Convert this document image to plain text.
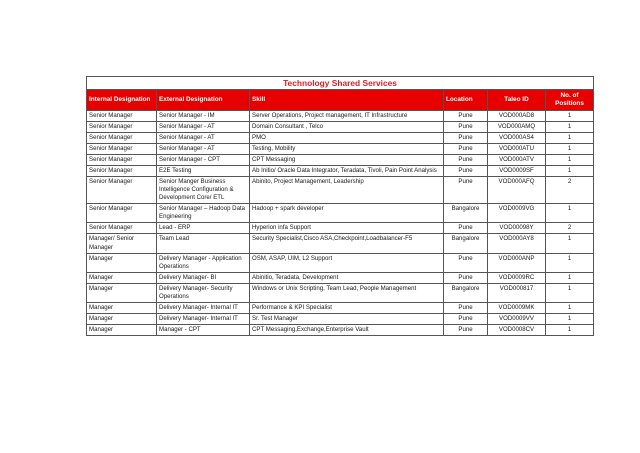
Technology Shared Services					
Internal Designation	External Designation	Skill	Location	Taleo ID	No. of Positions
Senior Manager	Senior Manager - IM	Server Operations, Project management, IT Infrastructure	Pune	VOD000AD8	1
Senior Manager	Senior Manager - AT	Domain Consultant , Telco	Pune	VOD000AMQ	1
Senior Manager	Senior Manager - AT	PMO	Pune	VOD000AS4	1
Senior Manager	Senior Manager - AT	Testing, Mobility	Pune	VOD000ATU	1
Senior Manager	Senior Manager - CPT	CPT Messaging	Pune	VOD000ATV	1
Senior Manager	E2E Testing	Ab Initio/ Oracle Data Integrator, Teradata, Tivoli, Pain Point Analysis	Pune	VOD0009SF	1
Senior Manager	Senior Manger Business Intelligence Configuration & Development Core/ ETL	Abinito, Project Management, Leadership	Pune	VOD000AFQ	2
Senior Manager	Senior Manager – Hadoop Data Engineering	Hadoop + spark developer	Bangalore	VOD0009VG	1
Senior Manager	Lead - ERP	Hyperion infa Support	Pune	VOD00098Y	2
Manager/ Senior Manager	Team Lead	Security Specialist,Cisco ASA,Checkpoint,Loadbalancer-F5	Bangalore	VOD000AY8	1
Manager	Delivery Manager - Application Operations	OSM, ASAP, UIM, L2 Support	Pune	VOD000ANP	1
Manager	Delivery Manager- BI	Abinitio, Teradata, Development	Pune	VOD0009RC	1
Manager	Delivery Manager- Security Operations	Windows or Unix Scripting, Team Lead, People Management	Bangalore	VOD000817	1
Manager	Delivery Manager- Internal IT	Performance & KPI Specialist	Pune	VOD0009MK	1
Manager	Delivery Manager- Internal IT	Sr. Test Manager	Pune	VOD0009VV	1
Manager	Manager - CPT	CPT Messaging,Exchange,Enterprise Vault	Pune	VOD0008CV	1
